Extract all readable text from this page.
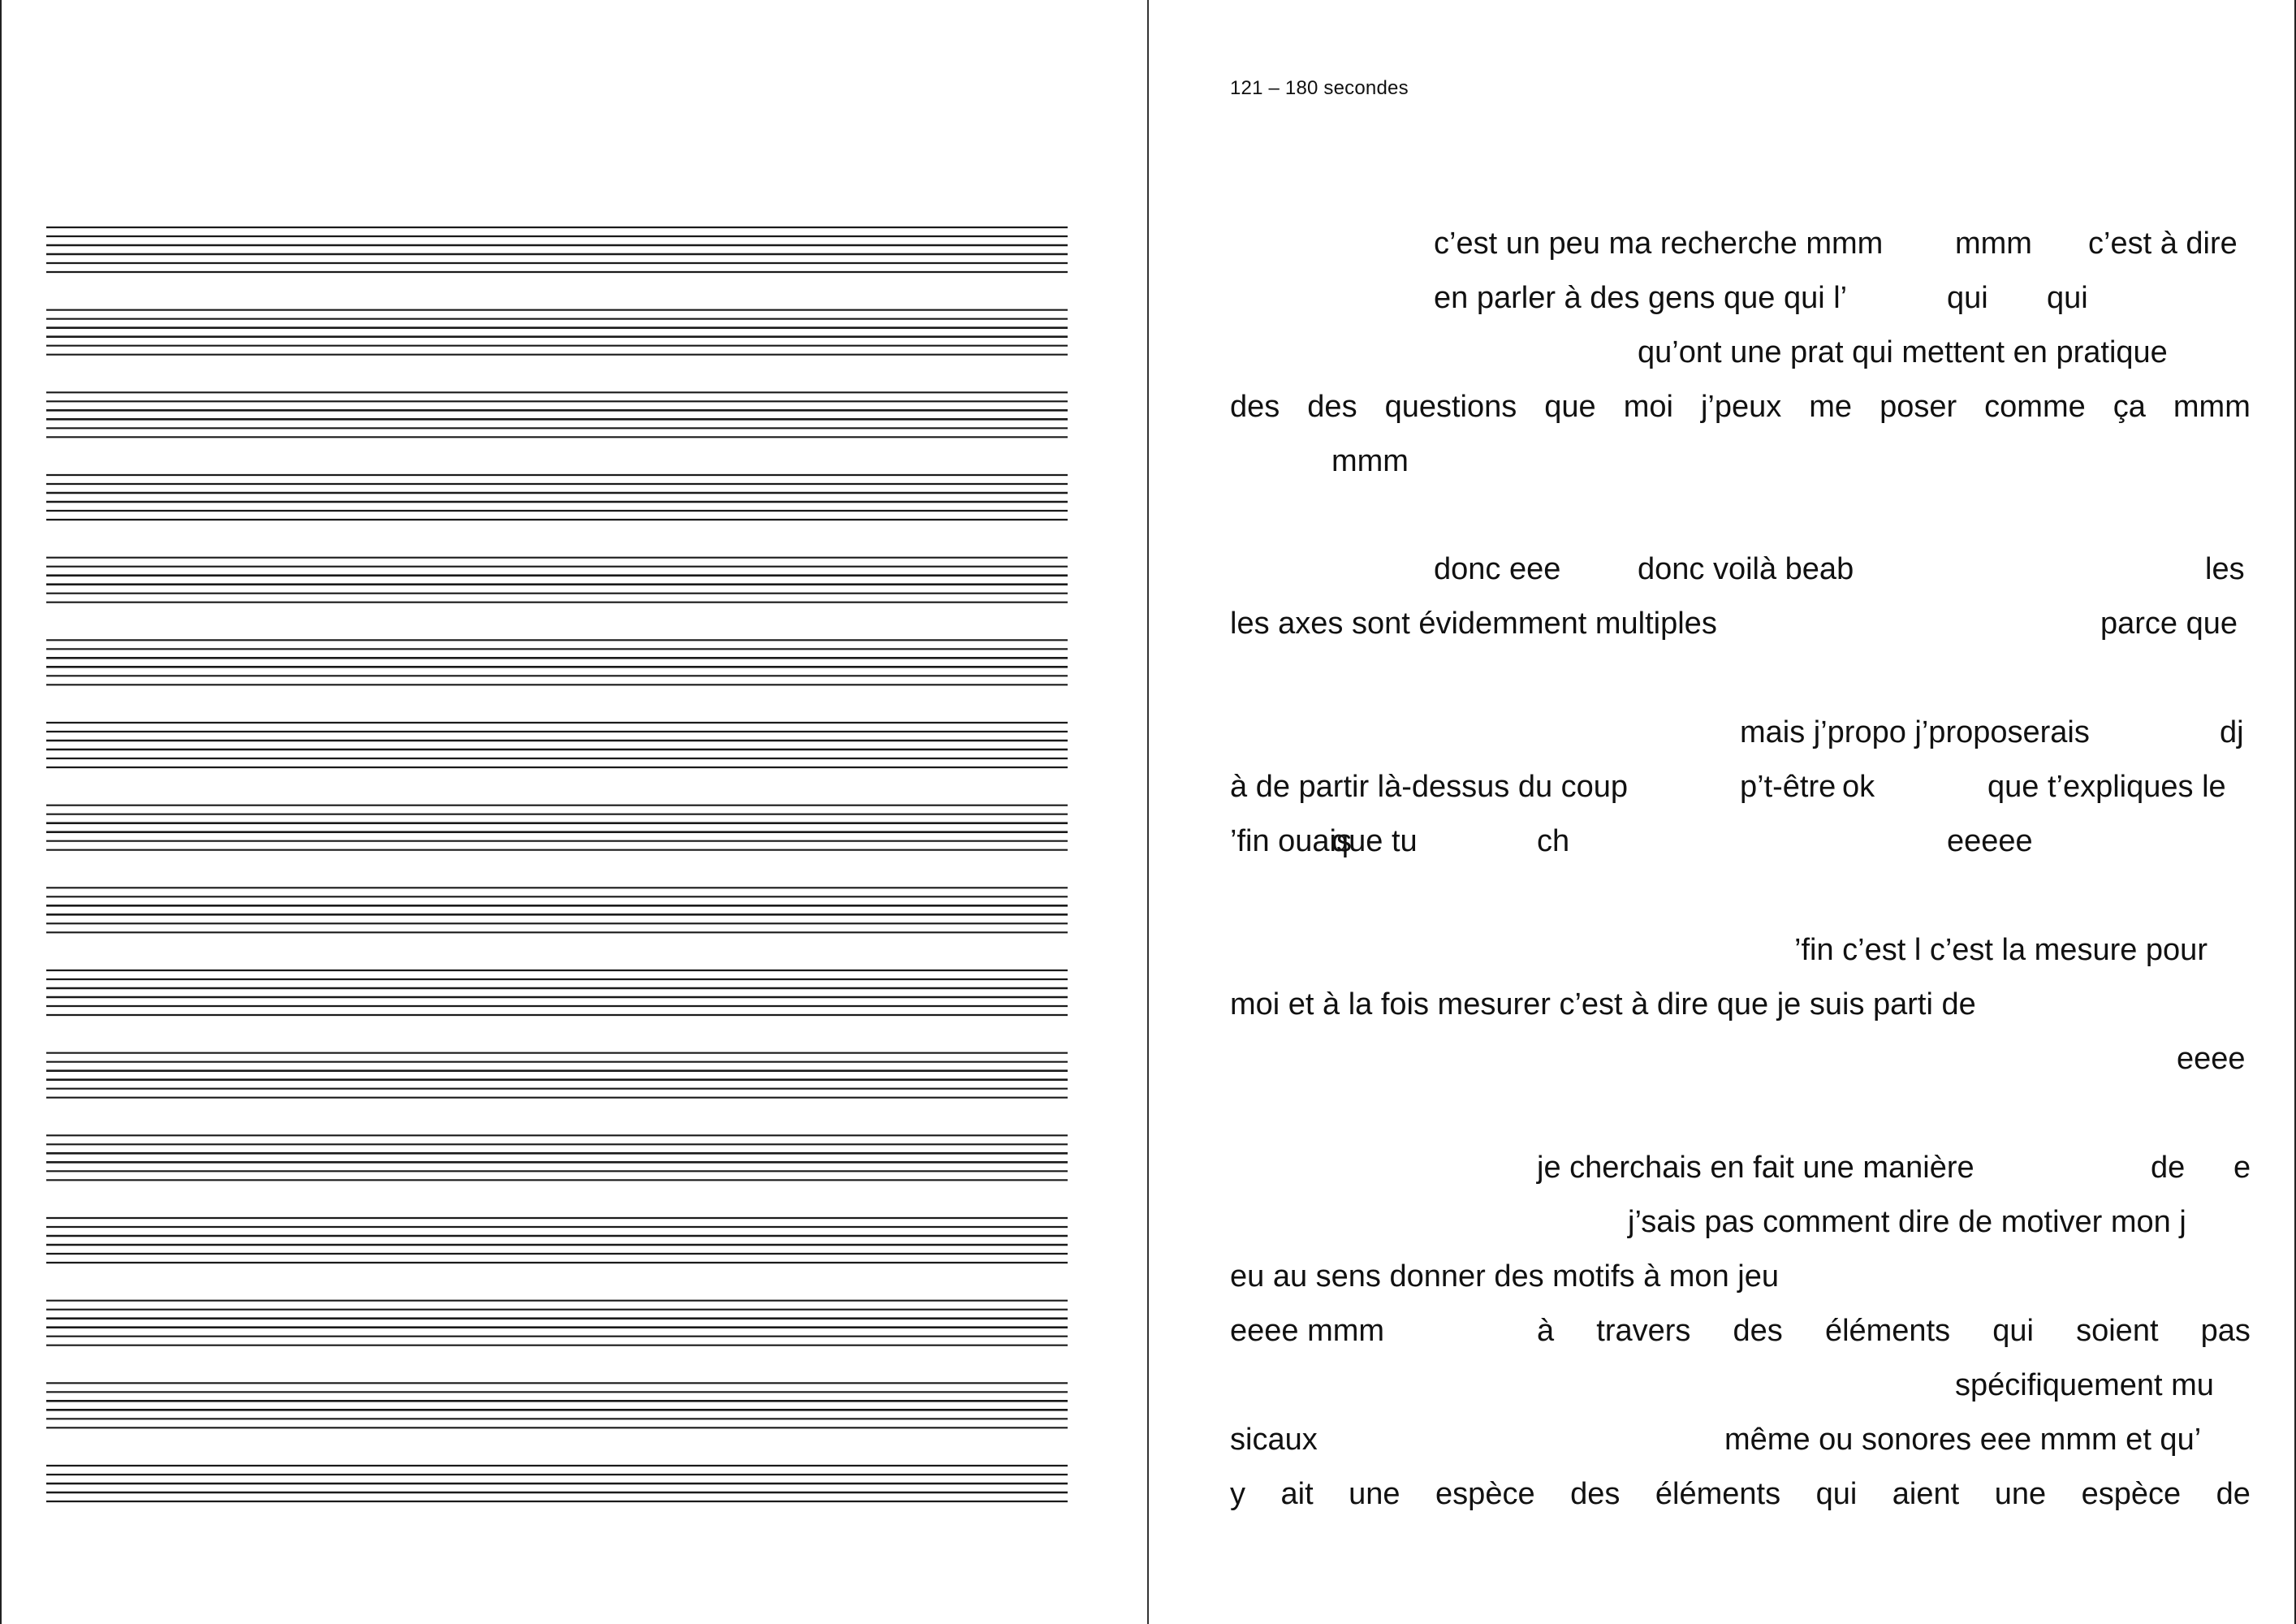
121 – 180 secondes
c’est un peu ma recherche mmm mmm c’est à dire
en parler à des gens que qui l’	qui qui
qu’ont une prat qui mettent en pratique
des des questions que moi j’peux me poser comme ça mmm
mmm
donc eee donc voilà beab	les
les axes sont évidemment multiples	parce que
mais j’propo j’proposerais	dj
à de partir là-dessus du coup	p’t-être ok	que t’expliques le
’fin ouais
que tu	ch	eeeee
’fin c’est l c’est la mesure pour
moi et à la fois mesurer c’est à dire que je suis parti de
eeee
je cherchais en fait une manière	de e
j’sais pas comment dire de motiver mon j
eu au sens donner des motifs à mon jeu
eeee mmm	à travers des éléments qui soient pas
spécifiquement mu
sicaux	même ou sonores eee mmm et qu’
y ait une espèce des éléments qui aient une espèce de
